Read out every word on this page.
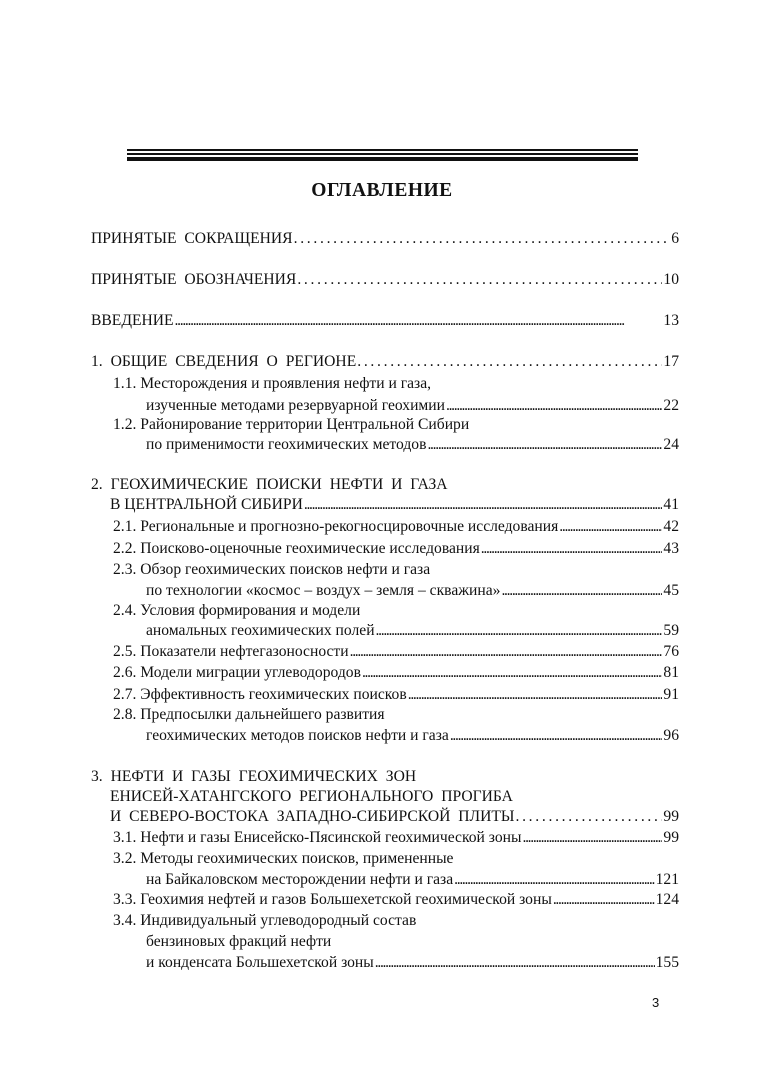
ОГЛАВЛЕНИЕ
ПРИНЯТЫЕ СОКРАЩЕНИЯ . . .	6
ПРИНЯТЫЕ ОБОЗНАЧЕНИЯ . . .	10
ВВЕДЕНИЕ . . .	13
1. ОБЩИЕ СВЕДЕНИЯ О РЕГИОНЕ . . .	17
1.1. Месторождения и проявления нефти и газа,
изученные методами резервуарной геохимии . . .	22
1.2. Районирование территории Центральной Сибири
по применимости геохимических методов . . .	24
2. ГЕОХИМИЧЕСКИЕ ПОИСКИ НЕФТИ И ГАЗА
В ЦЕНТРАЛЬНОЙ СИБИРИ . . .	41
2.1. Региональные и прогнозно-рекогносцировочные исследования . . .	42
2.2. Поисково-оценочные геохимические исследования . . .	43
2.3. Обзор геохимических поисков нефти и газа
по технологии «космос – воздух – земля – скважина» . . .	45
2.4. Условия формирования и модели
аномальных геохимических полей . . .	59
2.5. Показатели нефтегазоносности . . .	76
2.6. Модели миграции углеводородов . . .	81
2.7. Эффективность геохимических поисков . . .	91
2.8. Предпосылки дальнейшего развития
геохимических методов поисков нефти и газа . . .	96
3. НЕФТИ И ГАЗЫ ГЕОХИМИЧЕСКИХ ЗОН
ЕНИСЕЙ-ХАТАНГСКОГО РЕГИОНАЛЬНОГО ПРОГИБА
И СЕВЕРО-ВОСТОКА ЗАПАДНО-СИБИРСКОЙ ПЛИТЫ . . .	99
3.1. Нефти и газы Енисейско-Пясинской геохимической зоны . . .	99
3.2. Методы геохимических поисков, примененные
на Байкаловском месторождении нефти и газа . . .	121
3.3. Геохимия нефтей и газов Большехетской геохимической зоны . . .	124
3.4. Индивидуальный углеводородный состав
бензиновых фракций нефти
и конденсата Большехетской зоны . . .	155
3
